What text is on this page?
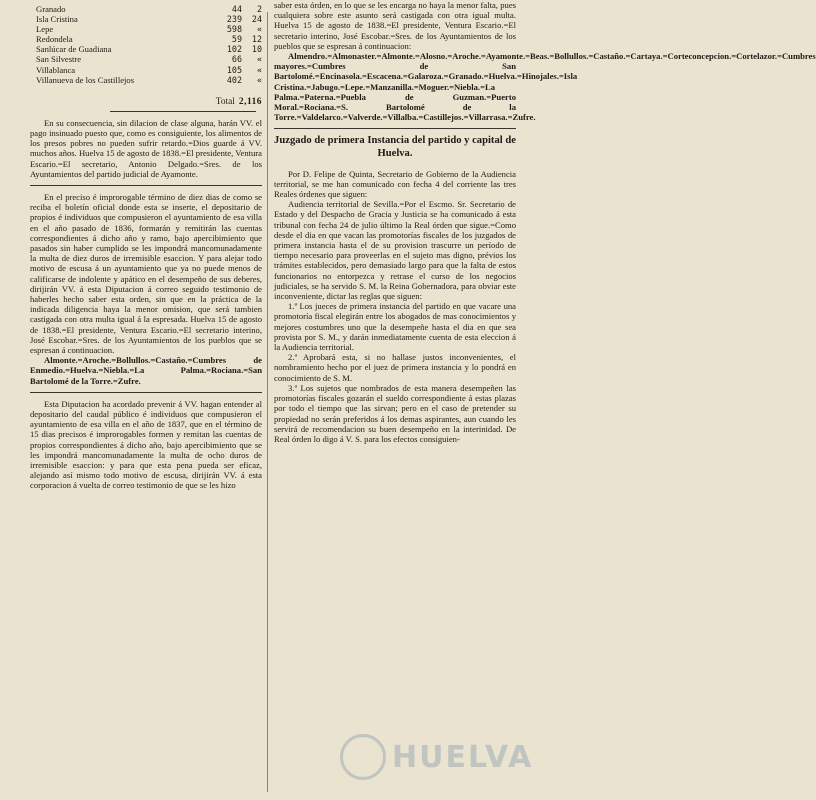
Granado	44	2
Isla Cristina	239	24
Lepe	598	«
Redondela	59	12
Sanlúcar de Guadiana	102	10
San Silvestre	66	«
Villablanca	105	«
Villanueva de los Castillejos	402	«
Total 2,116

En su consecuencia, sin dilacion de clase alguna, harán VV. el pago insinuado puesto que, como es consiguiente, los alimentos de los presos pobres no pueden sufrir retardo.=Dios guarde á VV. muchos años. Huelva 15 de agosto de 1838.=El presidente, Ventura Escario.=El secretario, Antonio Delgado.=Sres. de los Ayuntamientos del partido judicial de Ayamonte.

En el preciso é improrogable término de diez dias de como se reciba el boletín oficial donde esta se inserte, el depositario de propios é individuos que compusieron el ayuntamiento de esa villa en el año pasado de 1836, formarán y remitirán las cuentas correspondientes á dicho año y ramo, bajo apercibimiento que pasados sin haber cumplido se les impondrá mancomunadamente la multa de diez duros de irremisible esaccion. Y para alejar todo motivo de escusa á un ayuntamiento que ya no puede menos de calificarse de indolente y apático en el desempeño de sus deberes, dirijirán VV. á esta Diputacion á correo seguido testimonio de haberles hecho saber esta orden, sin que en la práctica de la indicada diligencia haya la menor omision, que será tambien castigada con otra multa igual á la espresada. Huelva 15 de agosto de 1838.=El presidente, Ventura Escario.=El secretario interino, José Escobar.=Sres. de los Ayuntamientos de los pueblos que se espresan á continuacion.

Almonte.=Aroche.=Bollullos.=Castaño.=Cumbres de Enmedio.=Huelva.=Niebla.=La Palma.=Rociana.=San Bartolomé de la Torre.=Zufre.

Esta Diputacion ha acordado prevenir á VV. hagan entender al depositario del caudal público é individuos que compusieron el ayuntamiento de esa villa en el año de 1837, que en el término de 15 dias precisos é improrogables formen y remitan las cuentas de propios correspondientes á dicho año, bajo apercibimiento que se les impondrá mancomunadamente la multa de ocho duros de irremisible esaccion: y para que esta pena pueda ser eficaz, alejando así mismo todo motivo de escusa, dirijirán VV. á esta corporacion á vuelta de correo testimonio de que se les hizo

saber esta órden, en lo que se les encarga no haya la menor falta, pues cualquiera sobre este asunto será castigada con otra igual multa. Huelva 15 de agosto de 1838.=El presidente, Ventura Escario.=El secretario interino, José Escobar.=Sres. de los Ayuntamientos de los pueblos que se espresan á continuacion:

Almendro.=Almonaster.=Almonte.=Alosno.=Aroche.=Ayamonte.=Beas.=Bollullos.=Castaño.=Cartaya.=Corteconcepcion.=Cortelazor.=Cumbres mayores.=Cumbres de San Bartolomé.=Encinasola.=Escacena.=Galaroza.=Granado.=Huelva.=Hinojales.=Isla Cristina.=Jabugo.=Lepe.=Manzanilla.=Moguer.=Niebla.=La Palma.=Paterna.=Puebla de Guzman.=Puerto Moral.=Rociana.=S. Bartolomé de la Torre.=Valdelarco.=Valverde.=Villalba.=Castillejos.=Villarrasa.=Zufre.

Juzgado de primera Instancia del partido y capital de Huelva.

Por D. Felipe de Quinta, Secretario de Gobierno de la Audiencia territorial, se me han comunicado con fecha 4 del corriente las tres Reales órdenes que siguen:

Audiencia territorial de Sevilla.=Por el Escmo. Sr. Secretario de Estado y del Despacho de Gracia y Justicia se ha comunicado á esta tribunal con fecha 24 de julio último la Real órden que sigue.=Como desde el dia en que vacan las promotorías fiscales de los juzgados de primera instancia hasta el de su provision trascurre un período de tiempo necesario para proveerlas en el sujeto mas digno, prévios los trámites establecidos, pero demasiado largo para que la falta de estos funcionarios no entorpezca y retrase el curso de los negocios judiciales, se ha servido S. M. la Reina Gobernadora, para obviar este inconveniente, dictar las reglas que siguen:

1.ª Los jueces de primera instancia del partido en que vacare una promotoría fiscal elegirán entre los abogados de mas conocimientos y mejores costumbres uno que la desempeñe hasta el dia en que sea provista por S. M., y darán inmediatamente cuenta de esta eleccion á la Audiencia territorial.

2.ª Aprobará esta, si no hallase justos inconvenientes, el nombramiento hecho por el juez de primera instancia y lo pondrá en conocimiento de S. M.

3.ª Los sujetos que nombrados de esta manera desempeñen las promotorías fiscales gozarán el sueldo correspondiente á estas plazas por todo el tiempo que las sirvan; pero en el caso de pretender su propiedad no serán preferidos á los demas aspirantes, aun cuando les servirá de recomendacion su buen desempeño en la interinidad. De Real órden lo digo á V. S. para los efectos consiguien-

HUELVA
